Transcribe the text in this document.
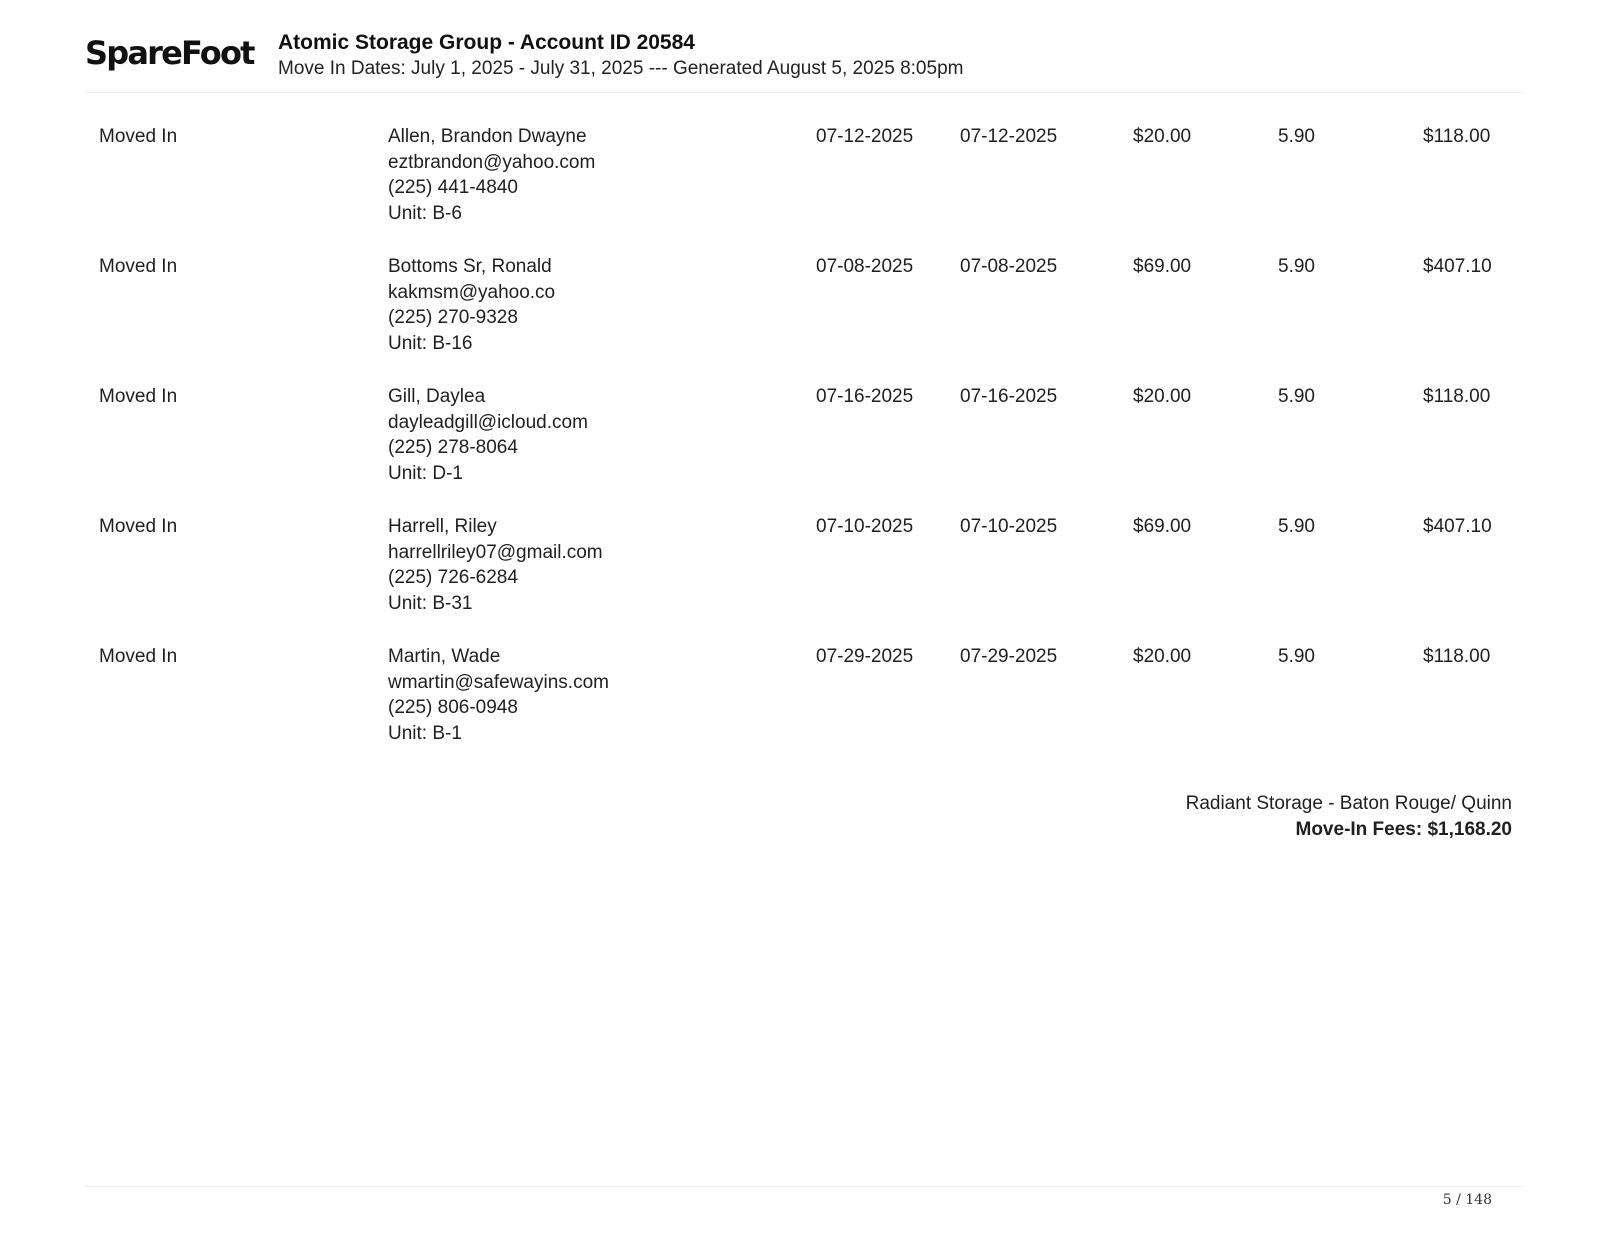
SpareFoot Atomic Storage Group - Account ID 20584
Move In Dates: July 1, 2025 - July 31, 2025 --- Generated August 5, 2025 8:05pm
Moved In	Allen, Brandon Dwayne
eztbrandon@yahoo.com
(225) 441-4840
Unit: B-6
07-12-2025 07-12-2025	$20.00	5.90	$118.00
Moved In	Bottoms Sr, Ronald
kakmsm@yahoo.co
(225) 270-9328
Unit: B-16
07-08-2025 07-08-2025	$69.00	5.90	$407.10
Moved In	Gill, Daylea
dayleadgill@icloud.com
(225) 278-8064
Unit: D-1
07-16-2025 07-16-2025	$20.00	5.90	$118.00
Moved In	Harrell, Riley
harrellriley07@gmail.com
(225) 726-6284
Unit: B-31
07-10-2025 07-10-2025	$69.00	5.90	$407.10
Moved In	Martin, Wade
wmartin@safewayins.com
(225) 806-0948
Unit: B-1
07-29-2025 07-29-2025	$20.00	5.90	$118.00
Radiant Storage - Baton Rouge/ Quinn
Move-In Fees: $1,168.20
5 / 148
